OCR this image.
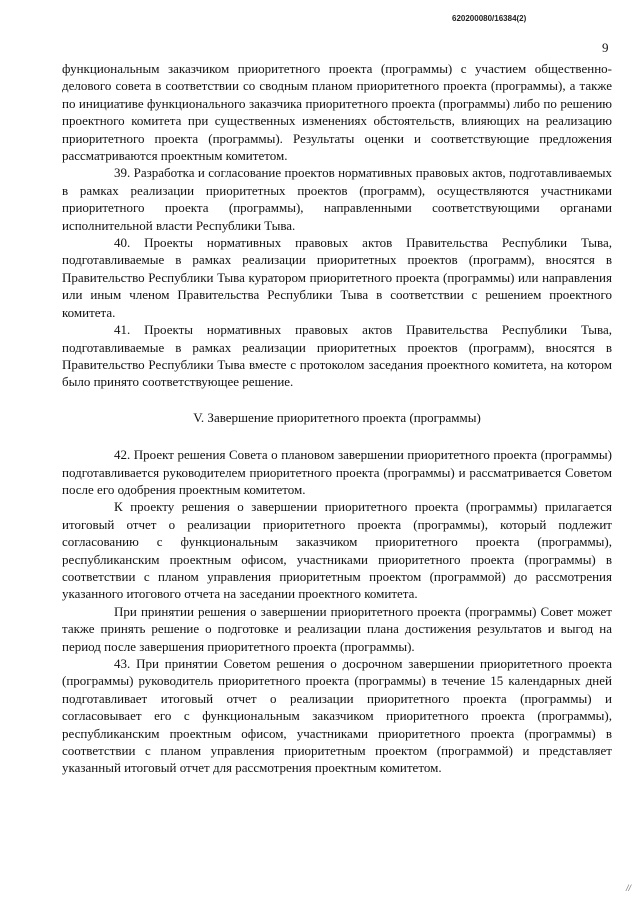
620200080/16384(2)
9

функциональным заказчиком приоритетного проекта (программы) с участием общественно-делового совета в соответствии со сводным планом приоритетного проекта (программы), а также по инициативе функционального заказчика приоритетного проекта (программы) либо по решению проектного комитета при существенных изменениях обстоятельств, влияющих на реализацию приоритетного проекта (программы). Результаты оценки и соответствующие предложения рассматриваются проектным комитетом.

39. Разработка и согласование проектов нормативных правовых актов, подготавливаемых в рамках реализации приоритетных проектов (программ), осуществляются участниками приоритетного проекта (программы), направленными соответствующими органами исполнительной власти Республики Тыва.

40. Проекты нормативных правовых актов Правительства Республики Тыва, подготавливаемые в рамках реализации приоритетных проектов (программ), вносятся в Правительство Республики Тыва куратором приоритетного проекта (программы) или направления или иным членом Правительства Республики Тыва в соответствии с решением проектного комитета.

41. Проекты нормативных правовых актов Правительства Республики Тыва, подготавливаемые в рамках реализации приоритетных проектов (программ), вносятся в Правительство Республики Тыва вместе с протоколом заседания проектного комитета, на котором было принято соответствующее решение.

V. Завершение приоритетного проекта (программы)

42. Проект решения Совета о плановом завершении приоритетного проекта (программы) подготавливается руководителем приоритетного проекта (программы) и рассматривается Советом после его одобрения проектным комитетом.

К проекту решения о завершении приоритетного проекта (программы) прилагается итоговый отчет о реализации приоритетного проекта (программы), который подлежит согласованию с функциональным заказчиком приоритетного проекта (программы), республиканским проектным офисом, участниками приоритетного проекта (программы) в соответствии с планом управления приоритетным проектом (программой) до рассмотрения указанного итогового отчета на заседании проектного комитета.

При принятии решения о завершении приоритетного проекта (программы) Совет может также принять решение о подготовке и реализации плана достижения результатов и выгод на период после завершения приоритетного проекта (программы).

43. При принятии Советом решения о досрочном завершении приоритетного проекта (программы) руководитель приоритетного проекта (программы) в течение 15 календарных дней подготавливает итоговый отчет о реализации приоритетного проекта (программы) и согласовывает его с функциональным заказчиком приоритетного проекта (программы), республиканским проектным офисом, участниками приоритетного проекта (программы) в соответствии с планом управления приоритетным проектом (программой) и представляет указанный итоговый отчет для рассмотрения проектным комитетом.

//
